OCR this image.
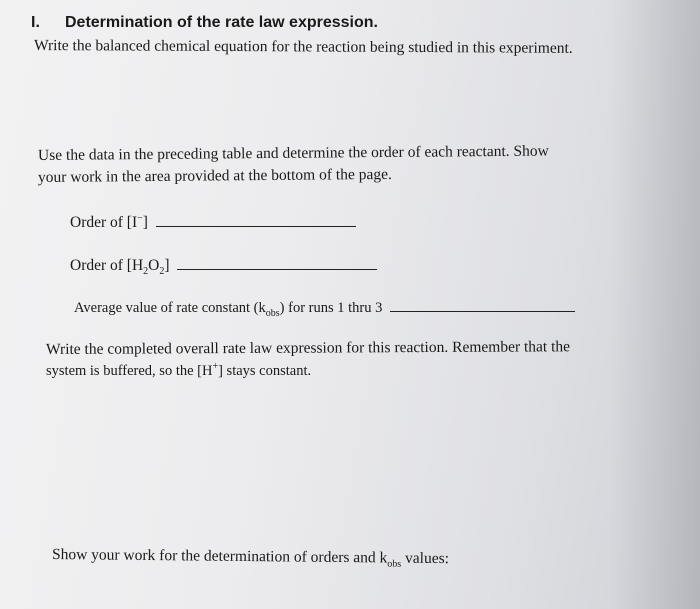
I. Determination of the rate law expression.
Write the balanced chemical equation for the reaction being studied in this experiment.
Use the data in the preceding table and determine the order of each reactant. Show
your work in the area provided at the bottom of the page.
Order of [I−]
Order of $[H_2O_2]$
Average value of rate constant $(k_{obs})$ for runs 1 thru 3
Write the completed overall rate law expression for this reaction. Remember that the
system is buffered, so the [H+] stays constant.
Show your work for the determination of orders and $k_{obs}$ values:
